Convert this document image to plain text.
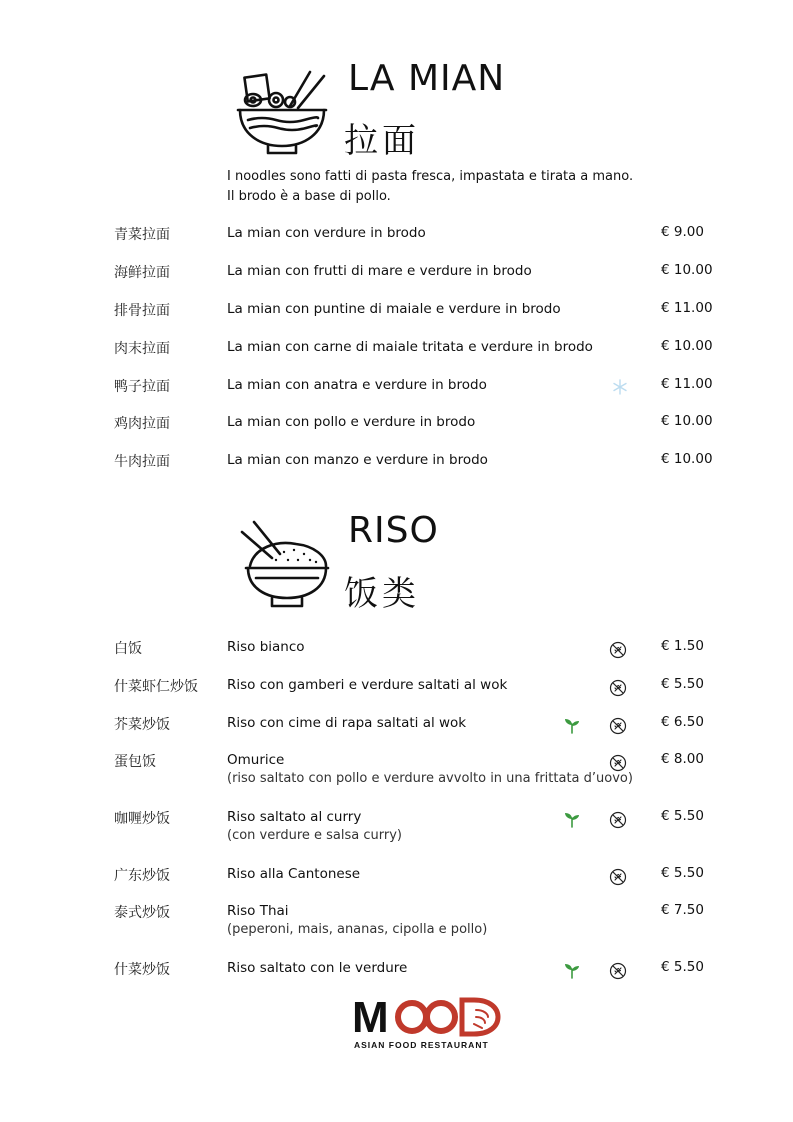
LA MIAN
拉面
I noodles sono fatti di pasta fresca, impastata e tirata a mano.
Il brodo è a base di pollo.
青菜拉面	La mian con verdure in brodo	€ 9.00
海鲜拉面	La mian con frutti di mare e verdure in brodo	€ 10.00
排骨拉面	La mian con puntine di maiale e verdure in brodo	€ 11.00
肉末拉面	La mian con carne di maiale tritata e verdure in brodo	€ 10.00
鸭子拉面	La mian con anatra e verdure in brodo	€ 11.00
鸡肉拉面	La mian con pollo e verdure in brodo	€ 10.00
牛肉拉面	La mian con manzo e verdure in brodo	€ 10.00
RISO
饭类
白饭	Riso bianco	€ 1.50
什菜虾仁炒饭 Riso con gamberi e verdure saltati al wok	€ 5.50
芥菜炒饭	Riso con cime di rapa saltati al wok	€ 6.50
蛋包饭	Omurice
(riso saltato con pollo e verdure avvolto in una frittata d’uovo)
€ 8.00
咖喱炒饭	Riso saltato al curry
(con verdure e salsa curry)
€ 5.50
广东炒饭	Riso alla Cantonese	€ 5.50
泰式炒饭	Riso Thai
(peperoni, mais, ananas, cipolla e pollo)
€ 7.50
什菜炒饭	Riso saltato con le verdure	€ 5.50
M
ASIAN FOOD RESTAURANT
